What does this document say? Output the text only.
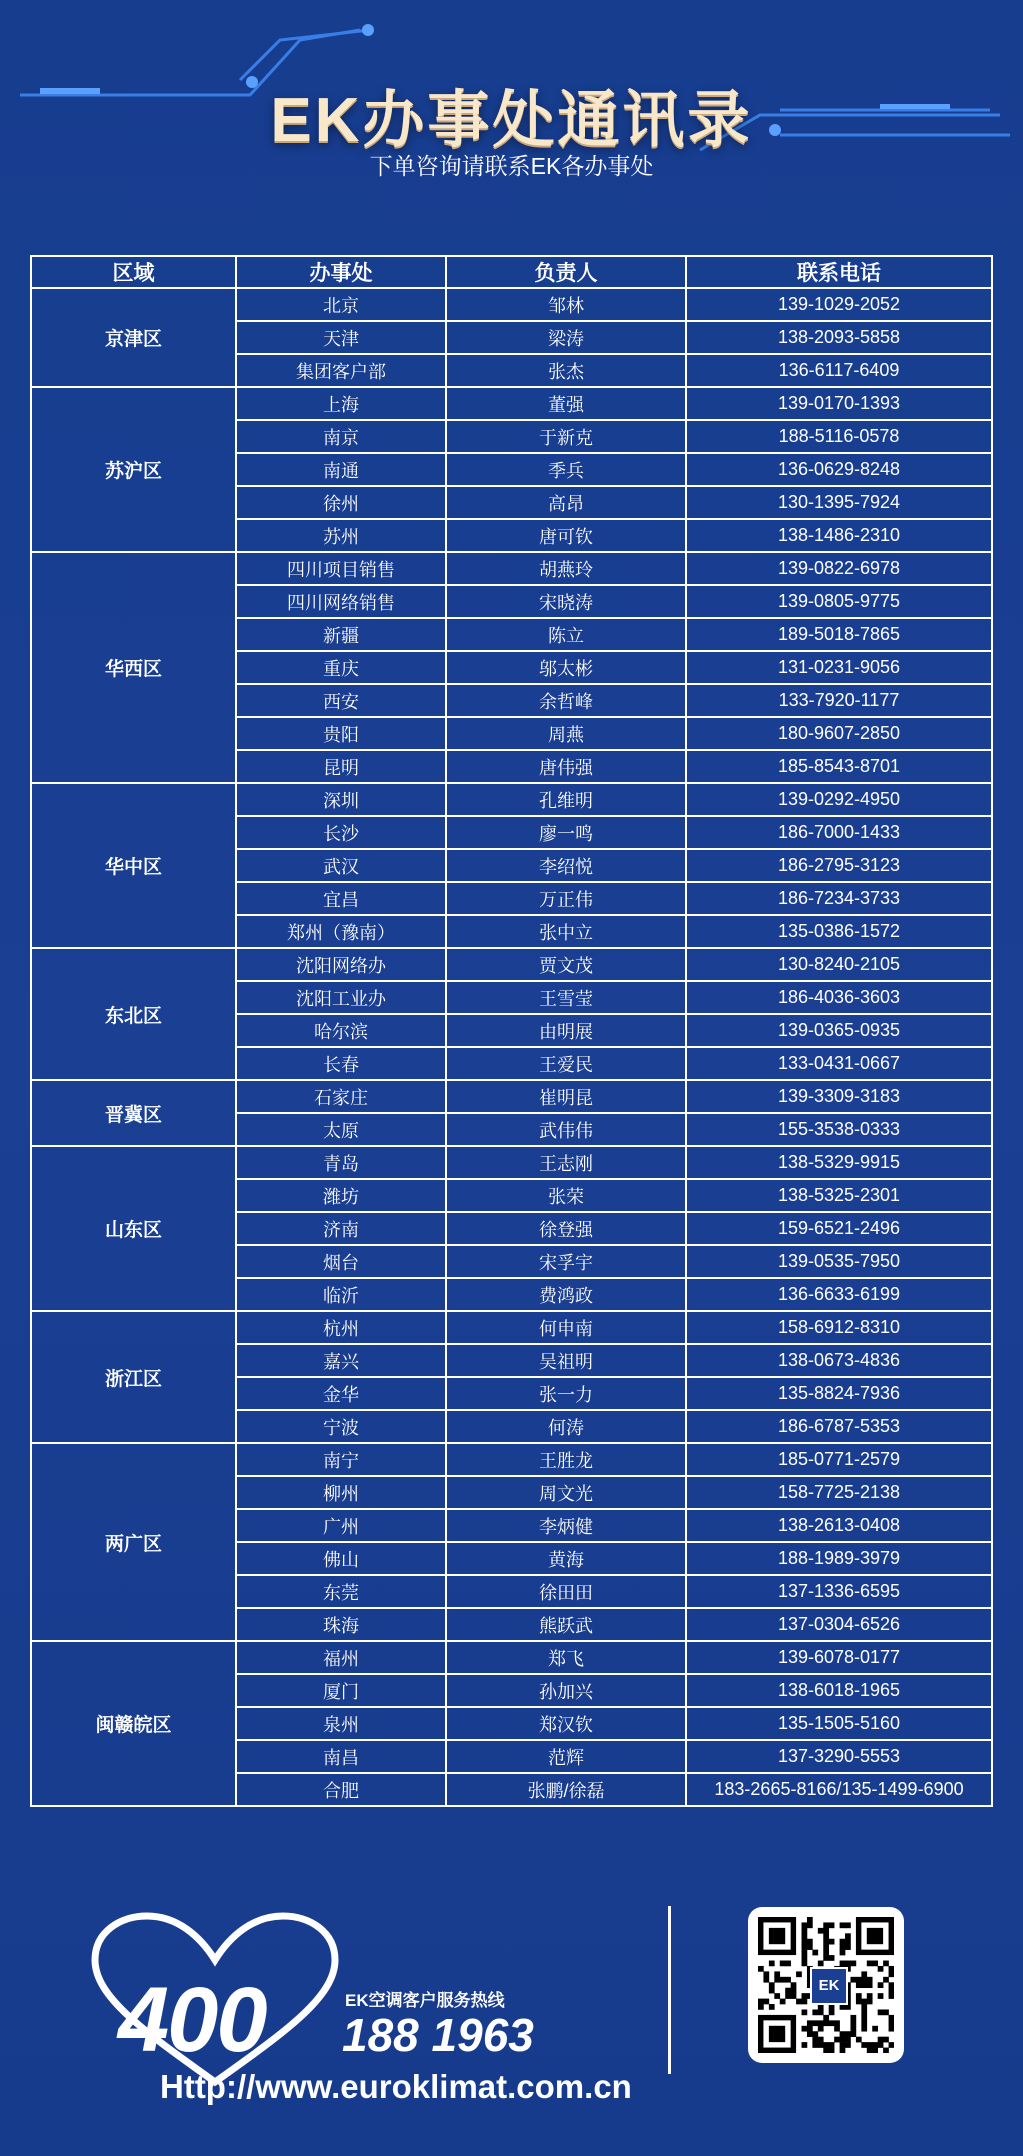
EK办事处通讯录
下单咨询请联系EK各办事处
区域	办事处	负责人	联系电话
京津区	北京	邹林	139-1029-2052
	天津	梁涛	138-2093-5858
	集团客户部	张杰	136-6117-6409
苏沪区	上海	董强	139-0170-1393
	南京	于新克	188-5116-0578
	南通	季兵	136-0629-8248
	徐州	高昂	130-1395-7924
	苏州	唐可钦	138-1486-2310
华西区	四川项目销售	胡燕玲	139-0822-6978
	四川网络销售	宋晓涛	139-0805-9775
	新疆	陈立	189-5018-7865
	重庆	邬太彬	131-0231-9056
	西安	余哲峰	133-7920-1177
	贵阳	周燕	180-9607-2850
	昆明	唐伟强	185-8543-8701
华中区	深圳	孔维明	139-0292-4950
	长沙	廖一鸣	186-7000-1433
	武汉	李绍悦	186-2795-3123
	宜昌	万正伟	186-7234-3733
	郑州（豫南）	张中立	135-0386-1572
东北区	沈阳网络办	贾文茂	130-8240-2105
	沈阳工业办	王雪莹	186-4036-3603
	哈尔滨	由明展	139-0365-0935
	长春	王爱民	133-0431-0667
晋冀区	石家庄	崔明昆	139-3309-3183
	太原	武伟伟	155-3538-0333
山东区	青岛	王志刚	138-5329-9915
	潍坊	张荣	138-5325-2301
	济南	徐登强	159-6521-2496
	烟台	宋孚宇	139-0535-7950
	临沂	费鸿政	136-6633-6199
浙江区	杭州	何申南	158-6912-8310
	嘉兴	吴祖明	138-0673-4836
	金华	张一力	135-8824-7936
	宁波	何涛	186-6787-5353
两广区	南宁	王胜龙	185-0771-2579
	柳州	周文光	158-7725-2138
	广州	李炳健	138-2613-0408
	佛山	黄海	188-1989-3979
	东莞	徐田田	137-1336-6595
	珠海	熊跃武	137-0304-6526
闽赣皖区	福州	郑飞	139-6078-0177
	厦门	孙加兴	138-6018-1965
	泉州	郑汉钦	135-1505-5160
	南昌	范辉	137-3290-5553
	合肥	张鹏/徐磊	183-2665-8166/135-1499-6900
400	EK空调客户服务热线
188 1963
Http://www.euroklimat.com.cn
EK
